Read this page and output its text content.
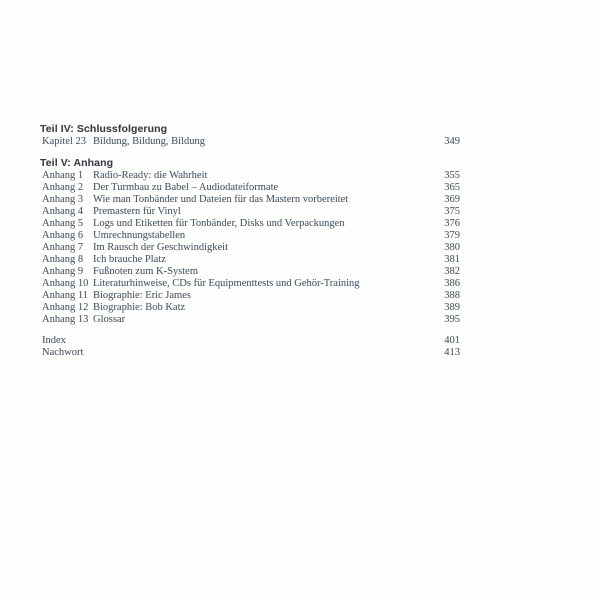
Teil IV: Schlussfolgerung
Kapitel 23 Bildung, Bildung, Bildung	349
Teil V: Anhang
Anhang 1 Radio-Ready: die Wahrheit	355
Anhang 2 Der Turmbau zu Babel – Audiodateiformate	365
Anhang 3 Wie man Tonbänder und Dateien für das Mastern vorbereitet	369
Anhang 4 Premastern für Vinyl	375
Anhang 5 Logs und Etiketten für Tonbänder, Disks und Verpackungen	376
Anhang 6 Umrechnungstabellen	379
Anhang 7 Im Rausch der Geschwindigkeit	380
Anhang 8 Ich brauche Platz	381
Anhang 9 Fußnoten zum K-System	382
Anhang 10 Literaturhinweise, CDs für Equipmenttests und Gehör-Training	386
Anhang 11 Biographie: Eric James	388
Anhang 12 Biographie: Bob Katz	389
Anhang 13 Glossar	395
Index	401
Nachwort	413
